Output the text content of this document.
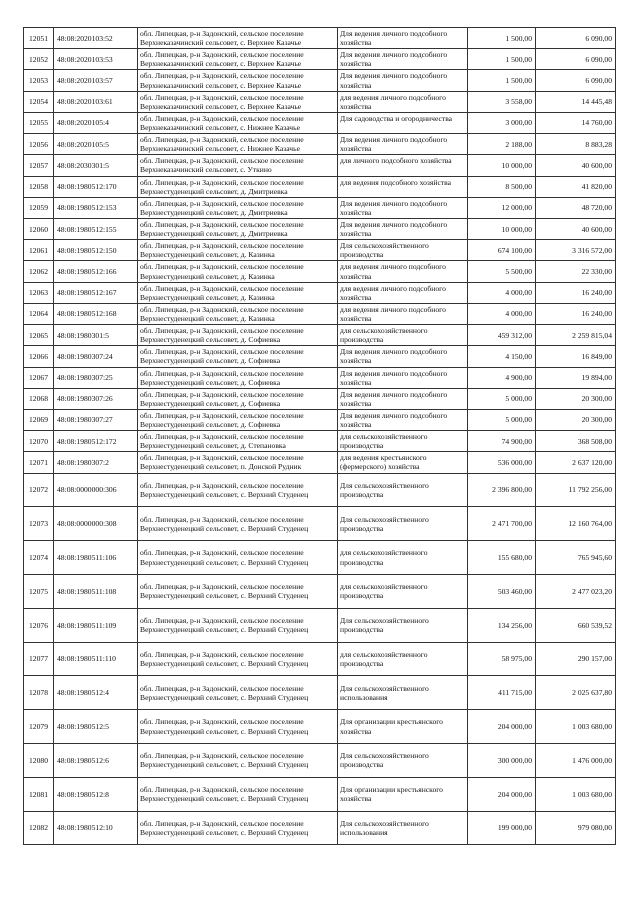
12051	48:08:2020103:52	обл. Липецкая, р-н Задонский, сельское поселение Верхнеказачинский сельсовет, с. Верхнее Казачье	Для ведения личного подсобного хозяйства	1 500,00	6 090,00
12052	48:08:2020103:53	обл. Липецкая, р-н Задонский, сельское поселение Верхнеказачинский сельсовет, с. Верхнее Казачье	Для ведения личного подсобного хозяйства	1 500,00	6 090,00
12053	48:08:2020103:57	обл. Липецкая, р-н Задонский, сельское поселение Верхнеказачинский сельсовет, с. Верхнее Казачье	Для ведения личного подсобного хозяйства	1 500,00	6 090,00
12054	48:08:2020103:61	обл. Липецкая, р-н Задонский, сельское поселение Верхнеказачинский сельсовет, с. Верхнее Казачье	для ведения личного подсобного хозяйства	3 558,00	14 445,48
12055	48:08:2020105:4	обл. Липецкая, р-н Задонский, сельское поселение Верхнеказачинский сельсовет, с. Нижнее Казачье	Для садоводства и огородничества	3 000,00	14 760,00
12056	48:08:2020105:5	обл. Липецкая, р-н Задонский, сельское поселение Верхнеказачинский сельсовет, с. Нижнее Казачье	Для ведения личного подсобного хозяйства	2 188,00	8 883,28
12057	48:08:2030301:5	обл. Липецкая, р-н Задонский, сельское поселение Верхнеказачинский сельсовет, с. Уткино	для личного подсобного хозяйства	10 000,00	40 600,00
12058	48:08:1980512:170	обл. Липецкая, р-н Задонский, сельское поселение Верхнестуденецкий сельсовет, д. Дмитриевка	для ведения подсобного хозяйства	8 500,00	41 820,00
12059	48:08:1980512:153	обл. Липецкая, р-н Задонский, сельское поселение Верхнестуденецкий сельсовет, д. Дмитриевка	Для ведения личного подсобного хозяйства	12 000,00	48 720,00
12060	48:08:1980512:155	обл. Липецкая, р-н Задонский, сельское поселение Верхнестуденецкий сельсовет, д. Дмитриевка	Для ведения личного подсобного хозяйства	10 000,00	40 600,00
12061	48:08:1980512:150	обл. Липецкая, р-н Задонский, сельское поселение Верхнестуденецкий сельсовет, д. Казинка	Для сельскохозяйственного производства	674 100,00	3 316 572,00
12062	48:08:1980512:166	обл. Липецкая, р-н Задонский, сельское поселение Верхнестуденецкий сельсовет, д. Казинка	для ведения личного подсобного хозяйства	5 500,00	22 330,00
12063	48:08:1980512:167	обл. Липецкая, р-н Задонский, сельское поселение Верхнестуденецкий сельсовет, д. Казинка	для ведения личного подсобного хозяйства	4 000,00	16 240,00
12064	48:08:1980512:168	обл. Липецкая, р-н Задонский, сельское поселение Верхнестуденецкий сельсовет, д. Казинка	для ведения личного подсобного хозяйства	4 000,00	16 240,00
12065	48:08:1980301:5	обл. Липецкая, р-н Задонский, сельское поселение Верхнестуденецкий сельсовет, д. Софиевка	для сельскохозяйственного производства	459 312,00	2 259 815,04
12066	48:08:1980307:24	обл. Липецкая, р-н Задонский, сельское поселение Верхнестуденецкий сельсовет, д. Софиевка	Для ведения личного подсобного хозяйства	4 150,00	16 849,00
12067	48:08:1980307:25	обл. Липецкая, р-н Задонский, сельское поселение Верхнестуденецкий сельсовет, д. Софиевка	Для ведения личного подсобного хозяйства	4 900,00	19 894,00
12068	48:08:1980307:26	обл. Липецкая, р-н Задонский, сельское поселение Верхнестуденецкий сельсовет, д. Софиевка	Для ведения личного подсобного хозяйства	5 000,00	20 300,00
12069	48:08:1980307:27	обл. Липецкая, р-н Задонский, сельское поселение Верхнестуденецкий сельсовет, д. Софиевка	Для ведения личного подсобного хозяйства	5 000,00	20 300,00
12070	48:08:1980512:172	обл. Липецкая, р-н Задонский, сельское поселение Верхнестуденецкий сельсовет, д. Степановка	для сельскохозяйственного производства	74 900,00	368 508,00
12071	48:08:1980307:2	обл. Липецкая, р-н Задонский, сельское поселение Верхнестуденецкий сельсовет, п. Донской Рудник	для ведения крестьянского (фермерского) хозяйства	536 000,00	2 637 120,00
12072	48:08:0000000:306	обл. Липецкая, р-н Задонский, сельское поселение Верхнестуденецкий сельсовет, с. Верхний Студенец	Для сельскохозяйственного производства	2 396 800,00	11 792 256,00
12073	48:08:0000000:308	обл. Липецкая, р-н Задонский, сельское поселение Верхнестуденецкий сельсовет, с. Верхний Студенец	Для сельскохозяйственного производства	2 471 700,00	12 160 764,00
12074	48:08:1980511:106	обл. Липецкая, р-н Задонский, сельское поселение Верхнестуденецкий сельсовет, с. Верхний Студенец	для сельскохозяйственного производства	155 680,00	765 945,60
12075	48:08:1980511:108	обл. Липецкая, р-н Задонский, сельское поселение Верхнестуденецкий сельсовет, с. Верхний Студенец	для сельскохозяйственного производства	503 460,00	2 477 023,20
12076	48:08:1980511:109	обл. Липецкая, р-н Задонский, сельское поселение Верхнестуденецкий сельсовет, с. Верхний Студенец	Для сельскохозяйственного производства	134 256,00	660 539,52
12077	48:08:1980511:110	обл. Липецкая, р-н Задонский, сельское поселение Верхнестуденецкий сельсовет, с. Верхний Студенец	для сельскохозяйственного производства	58 975,00	290 157,00
12078	48:08:1980512:4	обл. Липецкая, р-н Задонский, сельское поселение Верхнестуденецкий сельсовет, с. Верхний Студенец	Для сельскохозяйственного использования	411 715,00	2 025 637,80
12079	48:08:1980512:5	обл. Липецкая, р-н Задонский, сельское поселение Верхнестуденецкий сельсовет, с. Верхний Студенец	Для организации крестьянского хозяйства	204 000,00	1 003 680,00
12080	48:08:1980512:6	обл. Липецкая, р-н Задонский, сельское поселение Верхнестуденецкий сельсовет, с. Верхний Студенец	Для сельскохозяйственного производства	300 000,00	1 476 000,00
12081	48:08:1980512:8	обл. Липецкая, р-н Задонский, сельское поселение Верхнестуденецкий сельсовет, с. Верхний Студенец	Для организации крестьянского хозяйства	204 000,00	1 003 680,00
12082	48:08:1980512:10	обл. Липецкая, р-н Задонский, сельское поселение Верхнестуденецкий сельсовет, с. Верхний Студенец	Для сельскохозяйственного использования	199 000,00	979 080,00
